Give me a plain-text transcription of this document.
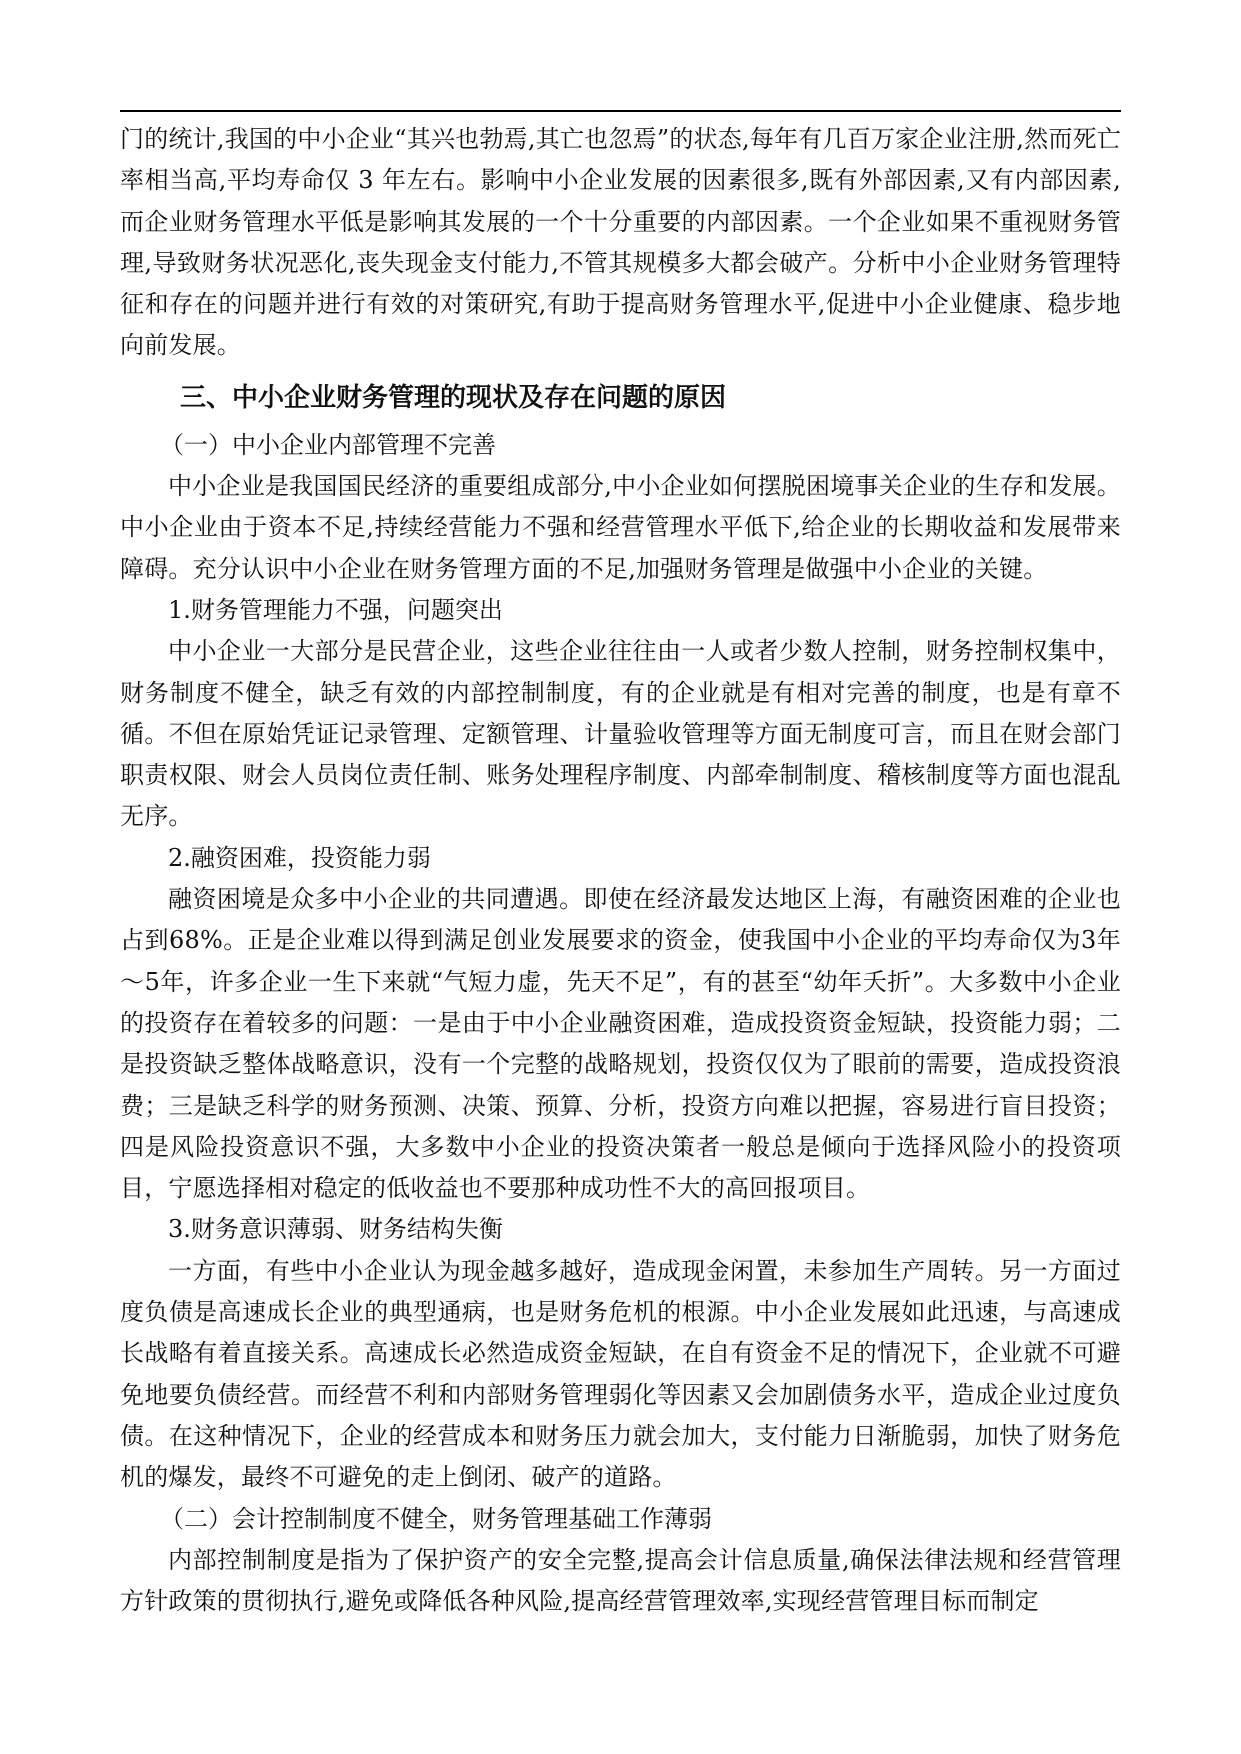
门的统计,我国的中小企业“其兴也勃焉,其亡也忽焉”的状态,每年有几百万家企业注册,然而死亡率相当高,平均寿命仅 3 年左右。影响中小企业发展的因素很多,既有外部因素,又有内部因素,而企业财务管理水平低是影响其发展的一个十分重要的内部因素。一个企业如果不重视财务管理,导致财务状况恶化,丧失现金支付能力,不管其规模多大都会破产。分析中小企业财务管理特征和存在的问题并进行有效的对策研究,有助于提高财务管理水平,促进中小企业健康、稳步地向前发展。

三、中小企业财务管理的现状及存在问题的原因

（一）中小企业内部管理不完善

中小企业是我国国民经济的重要组成部分,中小企业如何摆脱困境事关企业的生存和发展。中小企业由于资本不足,持续经营能力不强和经营管理水平低下,给企业的长期收益和发展带来障碍。充分认识中小企业在财务管理方面的不足,加强财务管理是做强中小企业的关键。

1.财务管理能力不强，问题突出

中小企业一大部分是民营企业，这些企业往往由一人或者少数人控制，财务控制权集中，财务制度不健全，缺乏有效的内部控制制度，有的企业就是有相对完善的制度，也是有章不循。不但在原始凭证记录管理、定额管理、计量验收管理等方面无制度可言，而且在财会部门职责权限、财会人员岗位责任制、账务处理程序制度、内部牵制制度、稽核制度等方面也混乱无序。

2.融资困难，投资能力弱

融资困境是众多中小企业的共同遭遇。即使在经济最发达地区上海，有融资困难的企业也占到68%。正是企业难以得到满足创业发展要求的资金，使我国中小企业的平均寿命仅为3年～5年，许多企业一生下来就“气短力虚，先天不足”，有的甚至“幼年夭折”。大多数中小企业的投资存在着较多的问题：一是由于中小企业融资困难，造成投资资金短缺，投资能力弱；二是投资缺乏整体战略意识，没有一个完整的战略规划，投资仅仅为了眼前的需要，造成投资浪费；三是缺乏科学的财务预测、决策、预算、分析，投资方向难以把握，容易进行盲目投资；四是风险投资意识不强，大多数中小企业的投资决策者一般总是倾向于选择风险小的投资项目，宁愿选择相对稳定的低收益也不要那种成功性不大的高回报项目。

3.财务意识薄弱、财务结构失衡

一方面，有些中小企业认为现金越多越好，造成现金闲置，未参加生产周转。另一方面过度负债是高速成长企业的典型通病，也是财务危机的根源。中小企业发展如此迅速，与高速成长战略有着直接关系。高速成长必然造成资金短缺，在自有资金不足的情况下，企业就不可避免地要负债经营。而经营不利和内部财务管理弱化等因素又会加剧债务水平，造成企业过度负债。在这种情况下，企业的经营成本和财务压力就会加大，支付能力日渐脆弱，加快了财务危机的爆发，最终不可避免的走上倒闭、破产的道路。

（二）会计控制制度不健全，财务管理基础工作薄弱

内部控制制度是指为了保护资产的安全完整,提高会计信息质量,确保法律法规和经营管理方针政策的贯彻执行,避免或降低各种风险,提高经营管理效率,实现经营管理目标而制定
